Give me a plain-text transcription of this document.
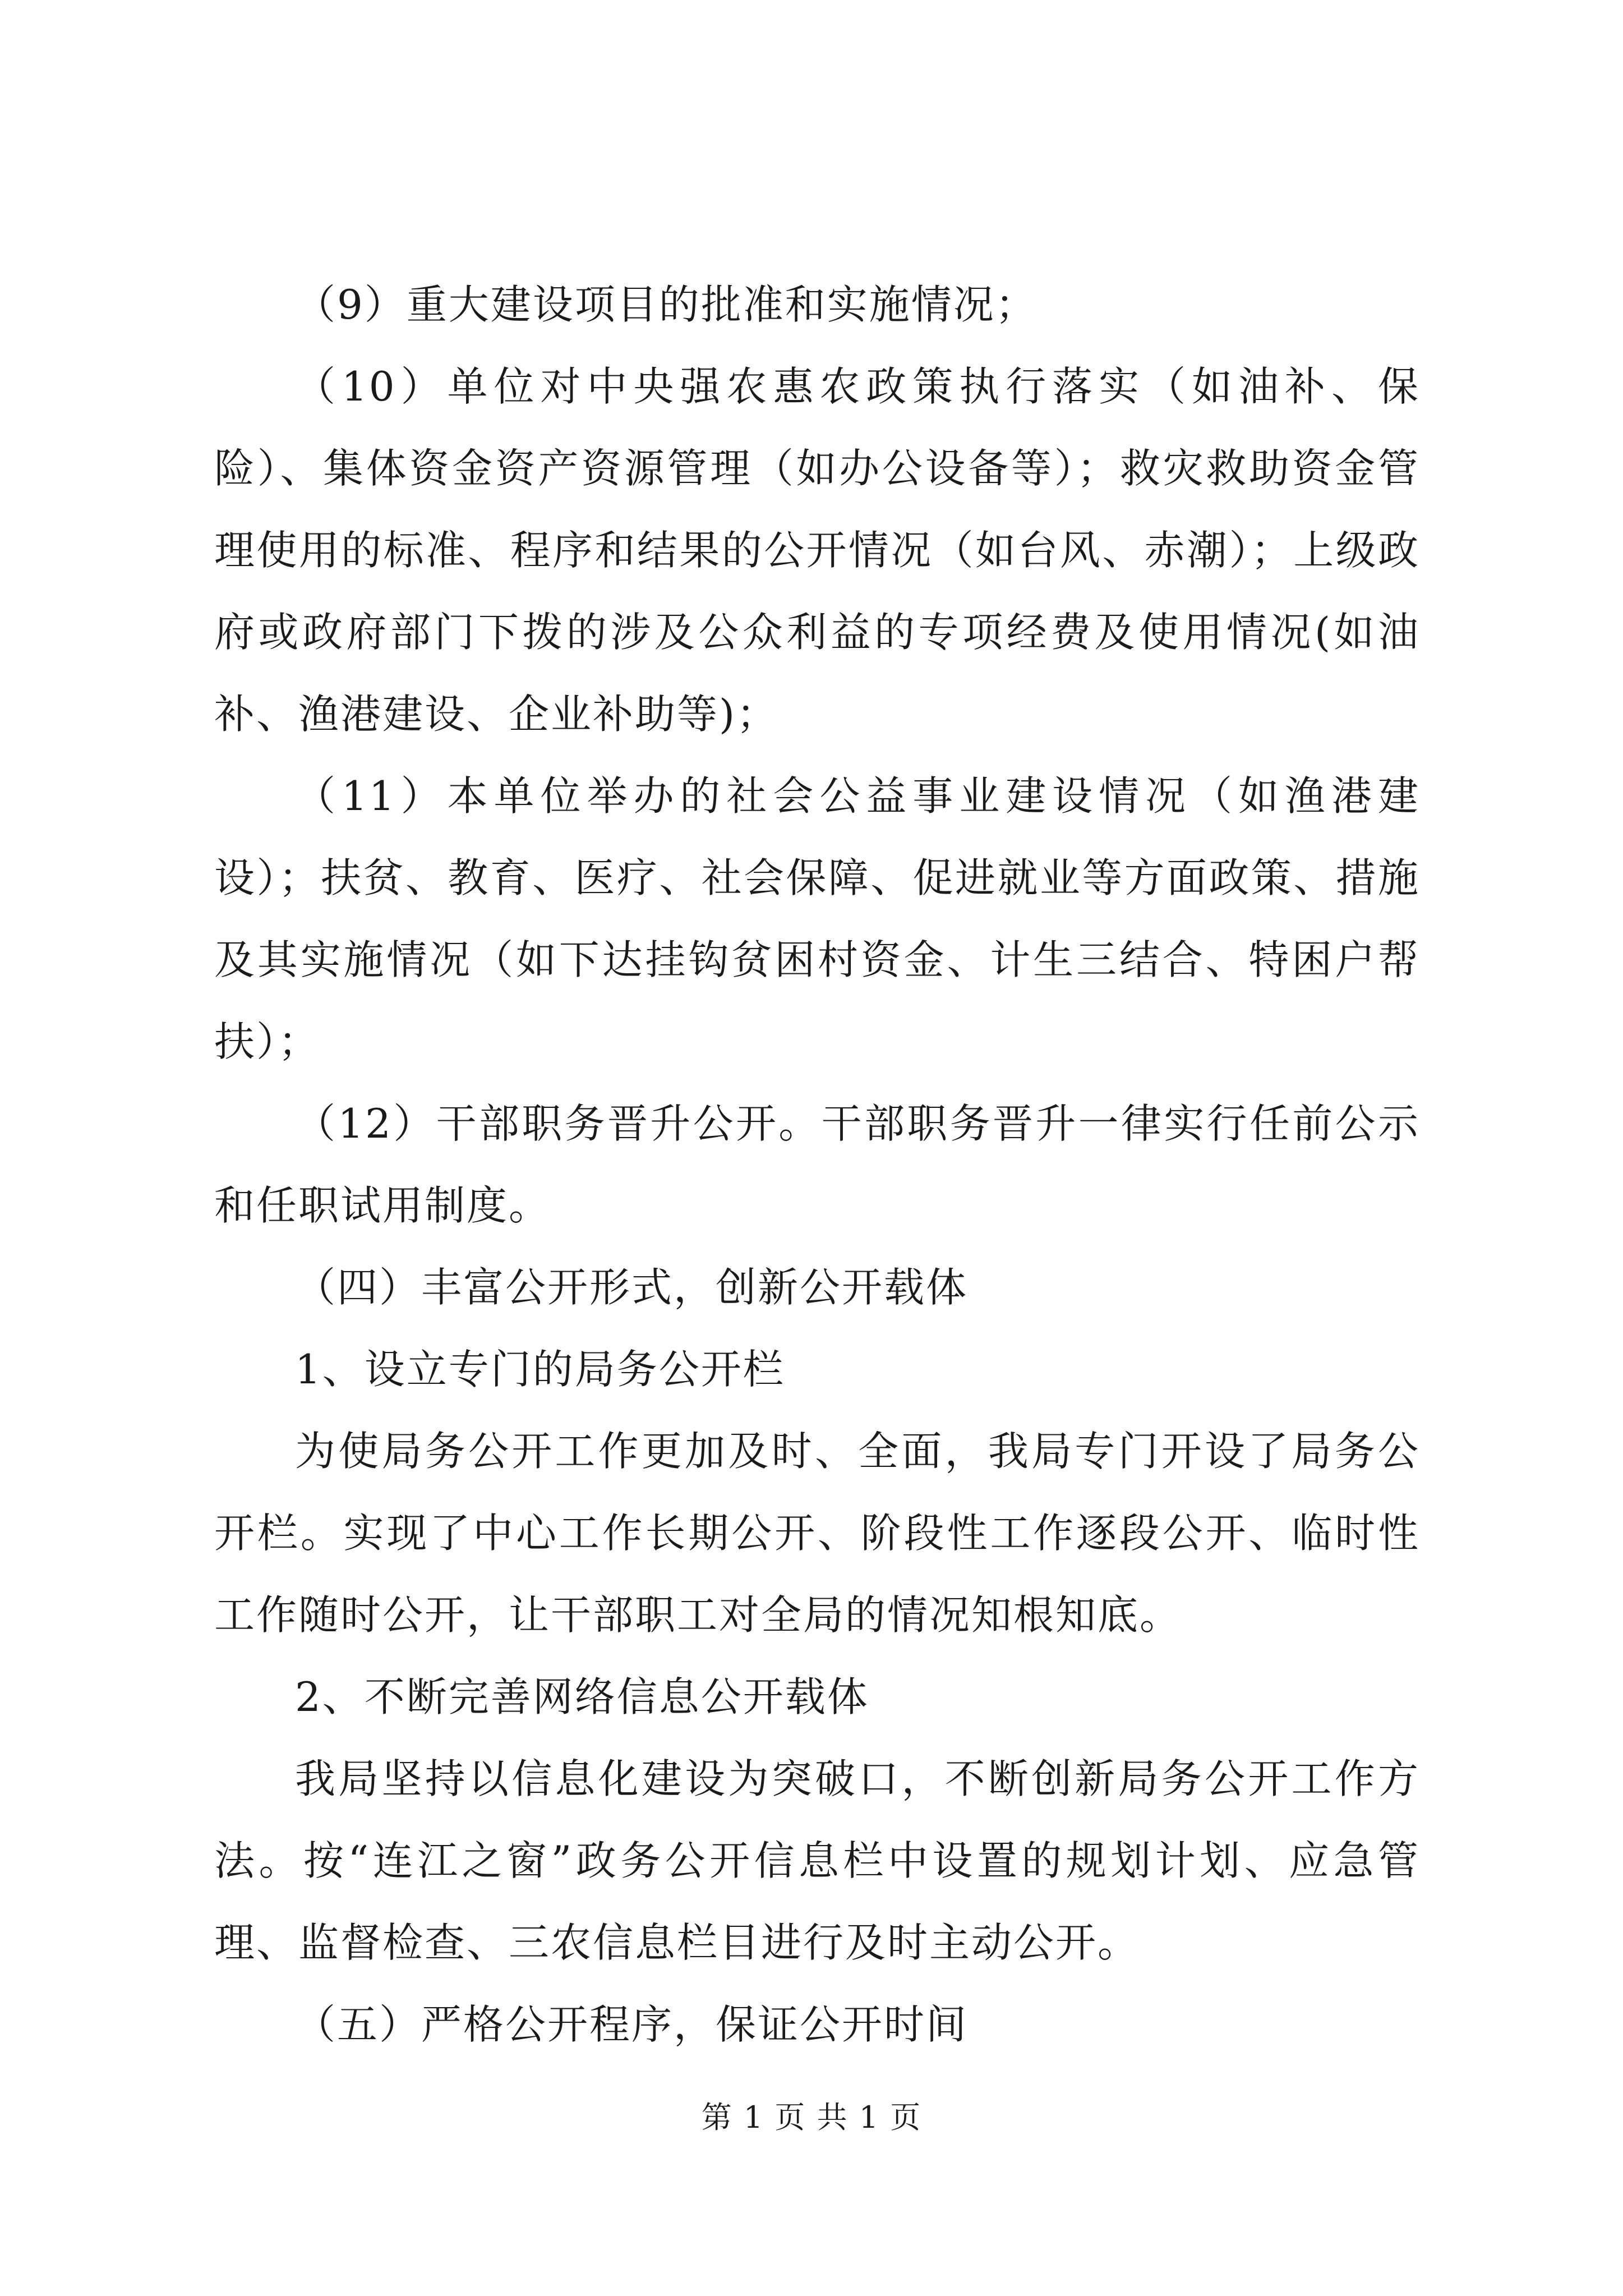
（9）重大建设项目的批准和实施情况；

（10）单位对中央强农惠农政策执行落实（如油补、保险）、集体资金资产资源管理（如办公设备等）；救灾救助资金管理使用的标准、程序和结果的公开情况（如台风、赤潮）；上级政府或政府部门下拨的涉及公众利益的专项经费及使用情况(如油补、渔港建设、企业补助等)；

（11）本单位举办的社会公益事业建设情况（如渔港建设）；扶贫、教育、医疗、社会保障、促进就业等方面政策、措施及其实施情况（如下达挂钩贫困村资金、计生三结合、特困户帮扶）；

（12）干部职务晋升公开。干部职务晋升一律实行任前公示和任职试用制度。

（四）丰富公开形式，创新公开载体

1、设立专门的局务公开栏

为使局务公开工作更加及时、全面，我局专门开设了局务公开栏。实现了中心工作长期公开、阶段性工作逐段公开、临时性工作随时公开，让干部职工对全局的情况知根知底。

2、不断完善网络信息公开载体

我局坚持以信息化建设为突破口，不断创新局务公开工作方法。按“连江之窗”政务公开信息栏中设置的规划计划、应急管理、监督检查、三农信息栏目进行及时主动公开。

（五）严格公开程序，保证公开时间

第 1 页 共 1 页
